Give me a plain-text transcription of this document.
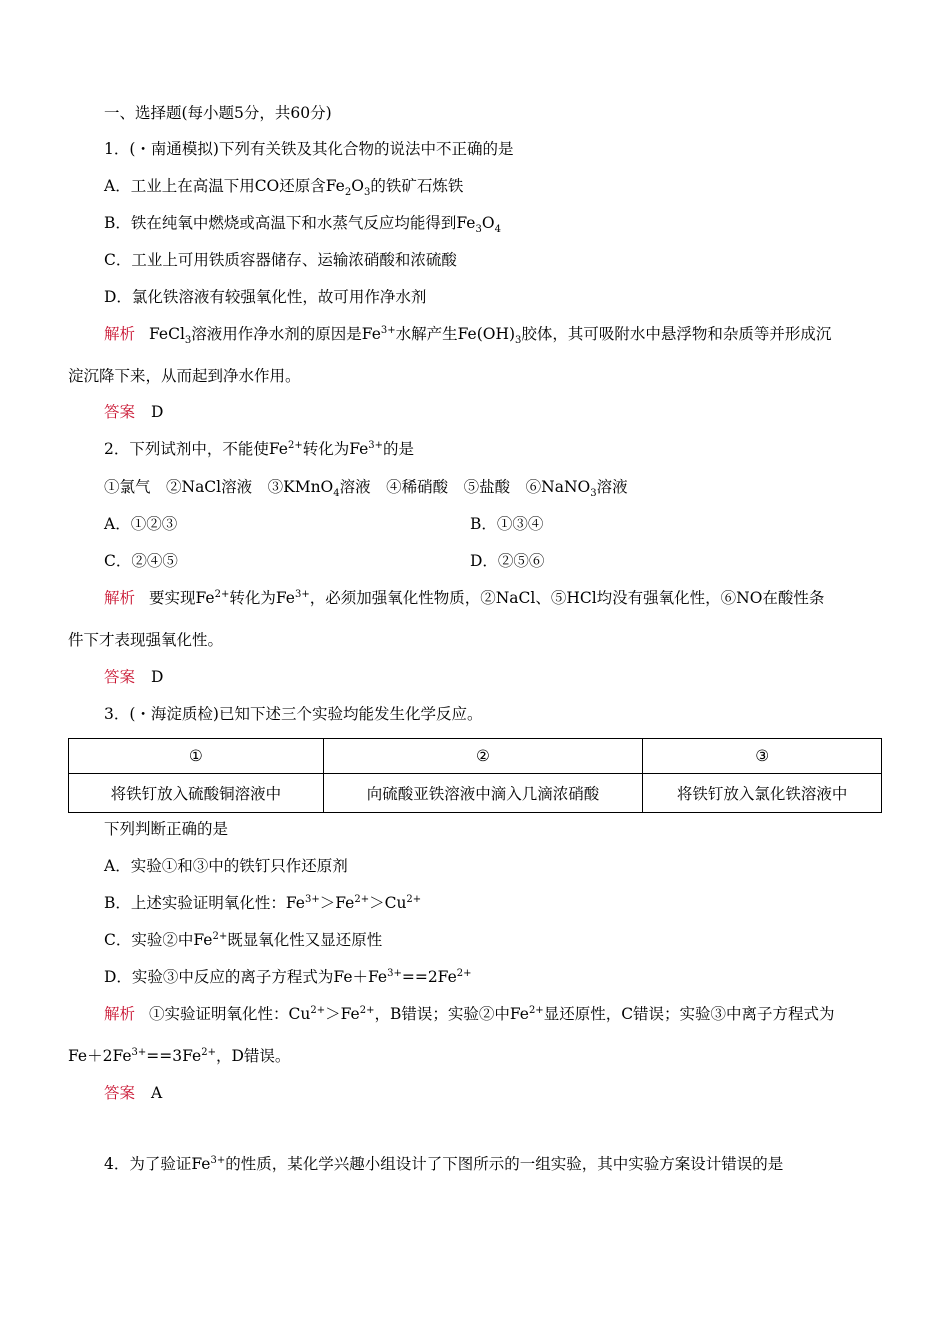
一、选择题(每小题5分，共60分)
1．(・南通模拟)下列有关铁及其化合物的说法中不正确的是
A．工业上在高温下用CO还原含$Fe_2O_3$的铁矿石炼铁
B．铁在纯氧中燃烧或高温下和水蒸气反应均能得到$Fe_3O_4$
C．工业上可用铁质容器储存、运输浓硝酸和浓硫酸
D．氯化铁溶液有较强氧化性，故可用作净水剂
解析 FeCl$_3$溶液用作净水剂的原因是$Fe^{3+}$水解产生$Fe(OH)_3$胶体，其可吸附水中悬浮物和杂质等并形成沉
淀沉降下来，从而起到净水作用。
答案 D
2．下列试剂中，不能使$Fe^{2+}$转化为$Fe^{3+}$的是
①氯气　②NaCl溶液　③KMnO$_4$溶液　④稀硝酸　⑤盐酸　⑥NaNO$_3$溶液
A．①②③	B．①③④
C．②④⑤	D．②⑤⑥
解析 要实现$Fe^{2+}$转化为$Fe^{3+}$，必须加强氧化性物质，②NaCl、⑤HCl均没有强氧化性，⑥NO在酸性条
件下才表现强氧化性。
答案 D
3．(・海淀质检)已知下述三个实验均能发生化学反应。
①	②	③
将铁钉放入硫酸铜溶液中	向硫酸亚铁溶液中滴入几滴浓硝酸	将铁钉放入氯化铁溶液中
下列判断正确的是
A．实验①和③中的铁钉只作还原剂
B．上述实验证明氧化性：$Fe^{3+}>Fe^{2+}>Cu^{2+}$
C．实验②中$Fe^{2+}$既显氧化性又显还原性
D．实验③中反应的离子方程式为$Fe+Fe^{3+}==2Fe^{2+}$
解析 ①实验证明氧化性：$Cu^{2+}>Fe^{2+}$，B错误；实验②中$Fe^{2+}$显还原性，C错误；实验③中离子方程式为
$Fe+2Fe^{3+}==3Fe^{2+}$，D错误。
答案 A
4．为了验证$Fe^{3+}$的性质，某化学兴趣小组设计了下图所示的一组实验，其中实验方案设计错误的是
